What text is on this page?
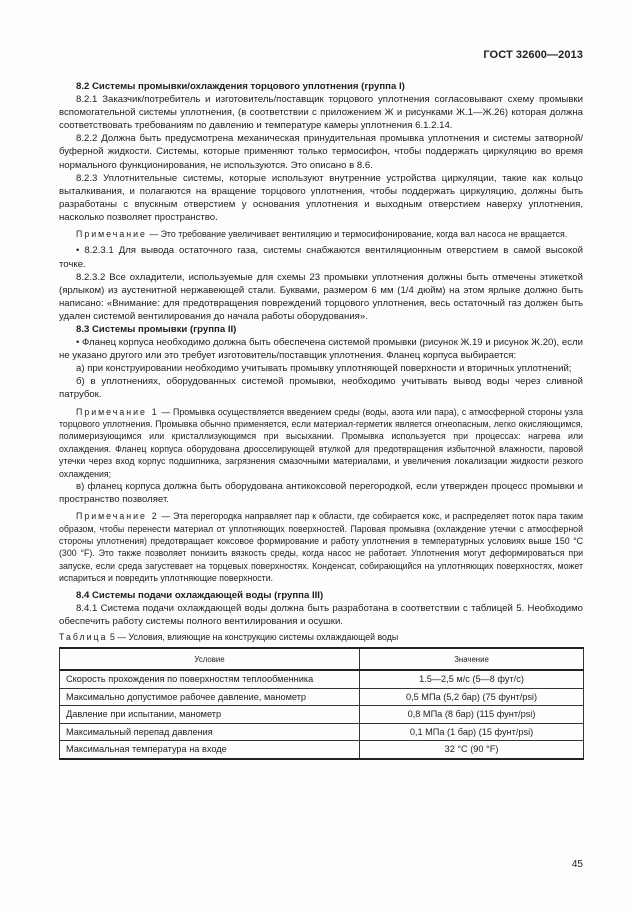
ГОСТ 32600—2013

8.2 Системы промывки/охлаждения торцового уплотнения (группа I)

8.2.1 Заказчик/потребитель и изготовитель/поставщик торцового уплотнения согласовывают схему промывки вспомогательной системы уплотнения, (в соответствии с приложением Ж и рисунками Ж.1—Ж.26) которая должна соответствовать требованиям по давлению и температуре камеры уплотнения 6.1.2.14.

8.2.2 Должна быть предусмотрена механическая принудительная промывка уплотнения и системы затворной/буферной жидкости. Системы, которые применяют только термосифон, чтобы поддержать циркуляцию во время нормального функционирования, не используются. Это описано в 8.6.

8.2.3 Уплотнительные системы, которые используют внутренние устройства циркуляции, такие как кольцо выталкивания, и полагаются на вращение торцового уплотнения, чтобы поддержать циркуляцию, должны быть разработаны с впускным отверстием у основания уплотнения и выходным отверстием наверху уплотнения, насколько позволяет пространство.

Примечание — Это требование увеличивает вентиляцию и термосифонирование, когда вал насоса не вращается.

• 8.2.3.1 Для вывода остаточного газа, системы снабжаются вентиляционным отверстием в самой высокой точке.

8.2.3.2 Все охладители, используемые для схемы 23 промывки уплотнения должны быть отмечены этикеткой (ярлыком) из аустенитной нержавеющей стали. Буквами, размером 6 мм (1/4 дюйм) на этом ярлыке должно быть написано: «Внимание: для предотвращения повреждений торцового уплотнения, весь остаточный газ должен быть удален системой вентилирования до начала работы оборудования».

8.3 Системы промывки (группа II)

• Фланец корпуса необходимо должна быть обеспечена системой промывки (рисунок Ж.19 и рисунок Ж.20), если не указано другого или это требует изготовитель/поставщик уплотнения. Фланец корпуса выбирается:

а) при конструировании необходимо учитывать промывку уплотняющей поверхности и вторичных уплотнений;

б) в уплотнениях, оборудованных системой промывки, необходимо учитывать вывод воды через сливной патрубок.

Примечание 1 — Промывка осуществляется введением среды (воды, азота или пара), с атмосферной стороны узла торцового уплотнения. Промывка обычно применяется, если материал-герметик является огнеопасным, легко окисляющимся, полимеризующимся или кристаллизующимся при высыхании. Промывка используется при процессах: нагрева или охлаждения. Фланец корпуса оборудована дросселирующей втулкой для предотвращения избыточной влажности, паровой утечки через вход корпус подшипника, загрязнения смазочными материалами, и увеличения локализации жидкости резкого охлаждения;

в) фланец корпуса должна быть оборудована антикоксовой перегородкой, если утвержден процесс промывки и пространство позволяет.

Примечание 2 — Эта перегородка направляет пар к области, где собирается кокс, и распределяет поток пара таким образом, чтобы перенести материал от уплотняющих поверхностей. Паровая промывка (охлаждение утечки с атмосферной стороны уплотнения) предотвращает коксовое формирование и работу уплотнения в температурных условиях выше 150 °C (300 °F). Это также позволяет понизить вязкость среды, когда насос не работает. Уплотнения могут деформироваться при запуске, если среда загустевает на торцевых поверхностях. Конденсат, собирающийся на уплотняющих поверхностях, может испариться и повредить уплотняющие поверхности.

8.4 Системы подачи охлаждающей воды (группа III)

8.4.1 Система подачи охлаждающей воды должна быть разработана в соответствии с таблицей 5. Необходимо обеспечить работу системы полного вентилирования и осушки.

Таблица 5 — Условия, влияющие на конструкцию системы охлаждающей воды

Условие	Значение
Скорость прохождения по поверхностям теплообменника	1.5—2,5 м/с (5—8 фут/с)
Максимально допустимое рабочее давление, манометр	0,5 МПа (5,2 бар) (75 фунт/psi)
Давление при испытании, манометр	0,8 МПа (8 бар) (115 фунт/psi)
Максимальный перепад давления	0,1 МПа (1 бар) (15 фунт/psi)
Максимальная температура на входе	32 °C (90 °F)
45
